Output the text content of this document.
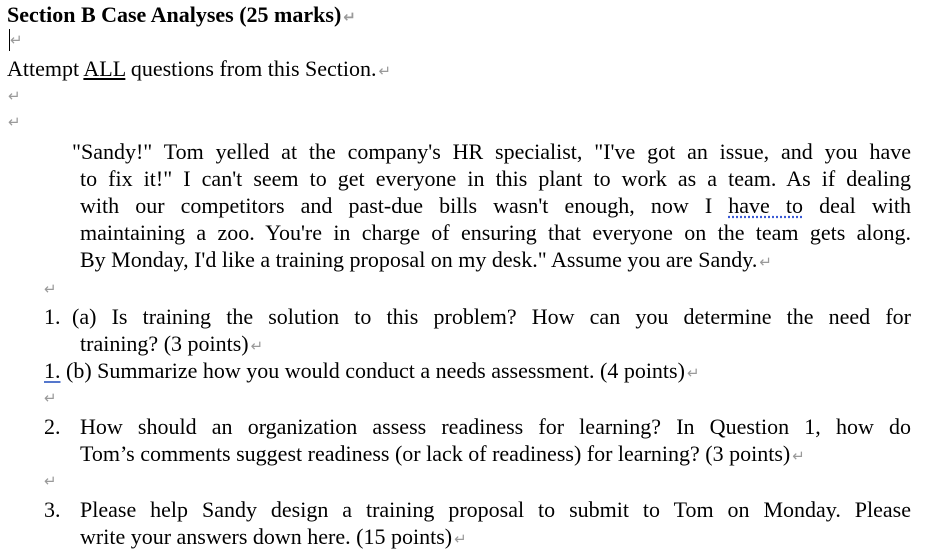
Section B Case Analyses (25 marks) ↵
↵
Attempt ALL questions from this Section. ↵
↵
↵
"Sandy!" Tom yelled at the company's HR specialist, "I've got an issue, and you have
to fix it!" I can't seem to get everyone in this plant to work as a team. As if dealing
with our competitors and past-due bills wasn't enough, now I have to deal with
maintaining a zoo. You're in charge of ensuring that everyone on the team gets along.
By Monday, I'd like a training proposal on my desk." Assume you are Sandy. ↵
↵
1. (a) Is training the solution to this problem? How can you determine the need for
training? (3 points) ↵
1. (b) Summarize how you would conduct a needs assessment. (4 points) ↵
↵
2. How should an organization assess readiness for learning? In Question 1, how do
Tom’s comments suggest readiness (or lack of readiness) for learning? (3 points) ↵
↵
3. Please help Sandy design a training proposal to submit to Tom on Monday. Please
write your answers down here. (15 points) ↵
